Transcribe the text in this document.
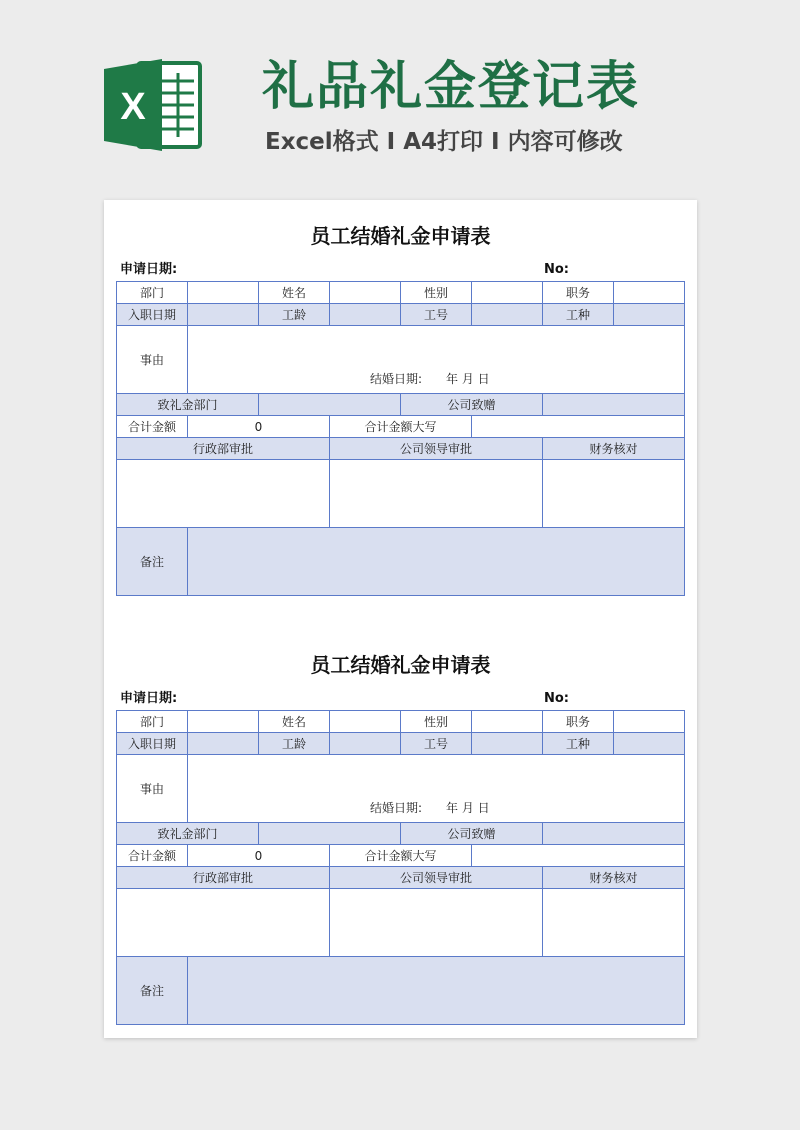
X 礼品礼金登记表
Excel格式 I A4打印 I 内容可修改
员工结婚礼金申请表
申请日期:	No:
部门		姓名		性别		职务	
入职日期		工龄		工号		工种	
事由	结婚日期: 年 月 日						

致礼金部门				公司致赠			
合计金额	0		合计金额大写				
行政部审批			公司领导审批			财务核对	

备注							
员工结婚礼金申请表
申请日期:	No:
部门		姓名		性别		职务	
入职日期		工龄		工号		工种	
事由	结婚日期: 年 月 日						

致礼金部门				公司致赠			
合计金额	0		合计金额大写				
行政部审批			公司领导审批			财务核对	

备注							
